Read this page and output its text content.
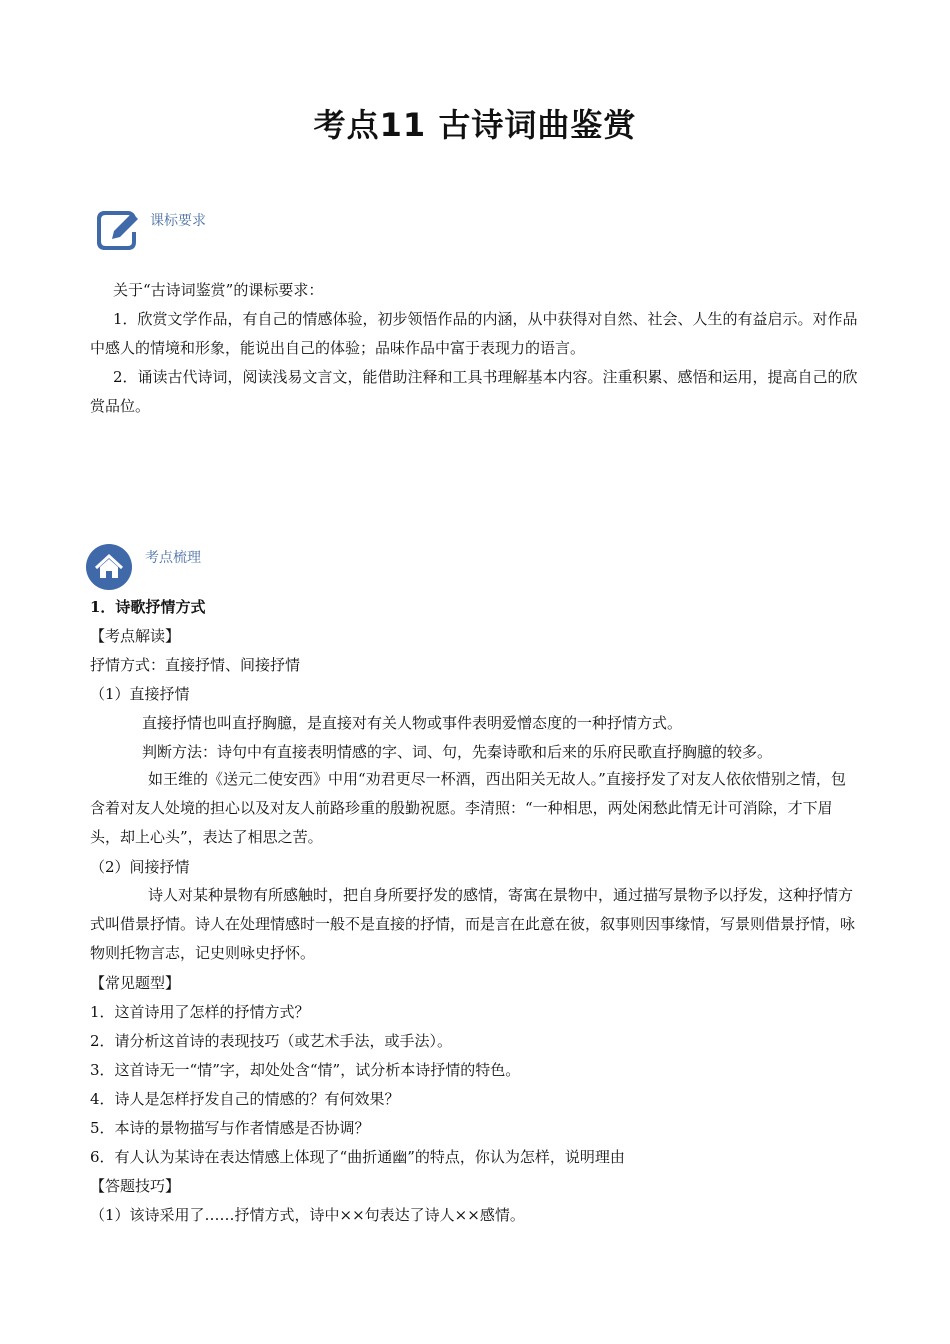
考点11 古诗词曲鉴赏
课标要求
关于“古诗词鉴赏”的课标要求：
1．欣赏文学作品，有自己的情感体验，初步领悟作品的内涵，从中获得对自然、社会、人生的有益启示。对作品中感人的情境和形象，能说出自己的体验；品味作品中富于表现力的语言。
2．诵读古代诗词，阅读浅易文言文，能借助注释和工具书理解基本内容。注重积累、感悟和运用，提高自己的欣赏品位。
考点梳理
1．诗歌抒情方式
【考点解读】
抒情方式：直接抒情、间接抒情
（1）直接抒情
直接抒情也叫直抒胸臆，是直接对有关人物或事件表明爱憎态度的一种抒情方式。
判断方法：诗句中有直接表明情感的字、词、句，先秦诗歌和后来的乐府民歌直抒胸臆的较多。
如王维的《送元二使安西》中用“劝君更尽一杯酒，西出阳关无故人。”直接抒发了对友人依依惜别之情，包含着对友人处境的担心以及对友人前路珍重的殷勤祝愿。李清照：“一种相思，两处闲愁此情无计可消除，才下眉头，却上心头”，表达了相思之苦。
（2）间接抒情
诗人对某种景物有所感触时，把自身所要抒发的感情，寄寓在景物中，通过描写景物予以抒发，这种抒情方式叫借景抒情。诗人在处理情感时一般不是直接的抒情，而是言在此意在彼，叙事则因事缘情，写景则借景抒情，咏物则托物言志，记史则咏史抒怀。
【常见题型】
1．这首诗用了怎样的抒情方式？
2．请分析这首诗的表现技巧（或艺术手法，或手法）。
3．这首诗无一“情”字，却处处含“情”，试分析本诗抒情的特色。
4．诗人是怎样抒发自己的情感的？有何效果？
5．本诗的景物描写与作者情感是否协调？
6．有人认为某诗在表达情感上体现了“曲折通幽”的特点，你认为怎样，说明理由
【答题技巧】
（1）该诗采用了……抒情方式，诗中××句表达了诗人××感情。
